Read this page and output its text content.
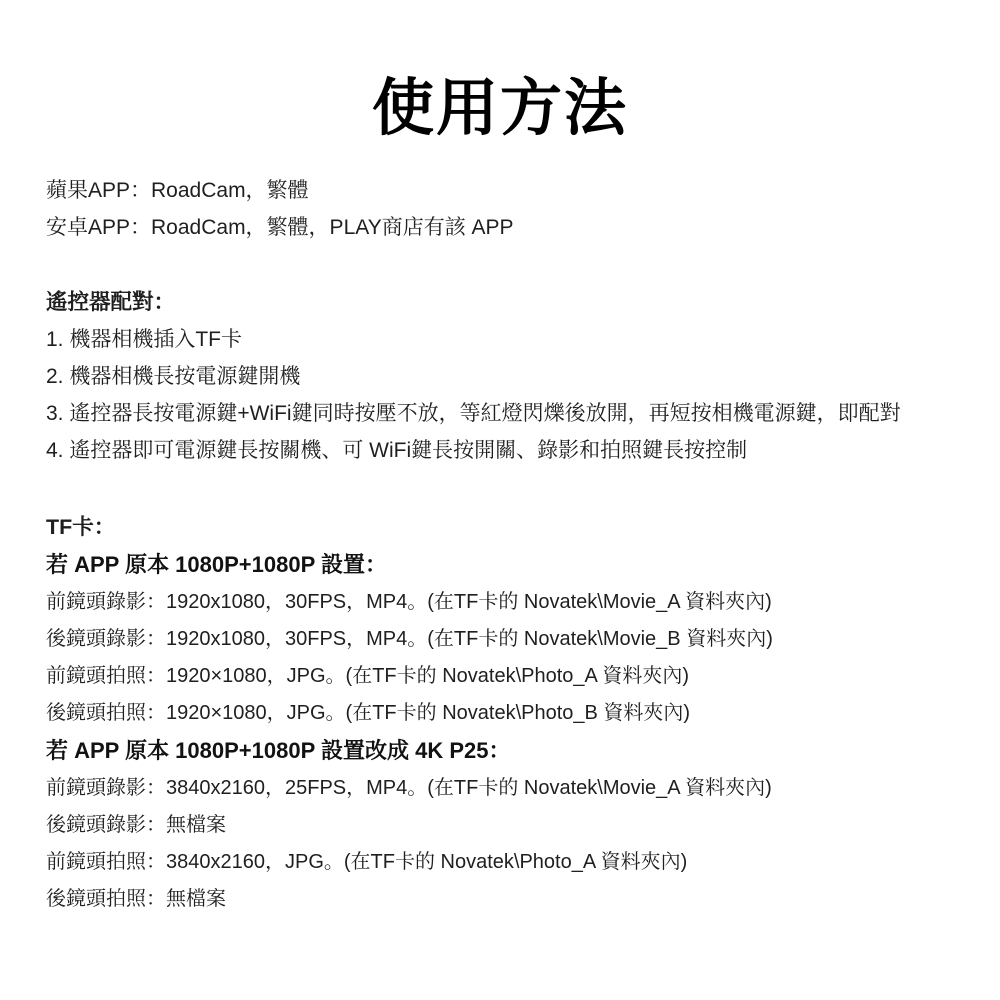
使用方法
蘋果APP：RoadCam，繁體
安卓APP：RoadCam，繁體，PLAY商店有該 APP
遙控器配對：
1. 機器相機插入TF卡
2. 機器相機長按電源鍵開機
3. 遙控器長按電源鍵+WiFi鍵同時按壓不放，等紅燈閃爍後放開，再短按相機電源鍵，即配對
4. 遙控器即可電源鍵長按關機、可 WiFi鍵長按開關、錄影和拍照鍵長按控制
TF卡：
若 APP 原本 1080P+1080P 設置：
前鏡頭錄影：1920x1080，30FPS，MP4。(在TF卡的 Novatek\Movie_A 資料夾內)
後鏡頭錄影：1920x1080，30FPS，MP4。(在TF卡的 Novatek\Movie_B 資料夾內)
前鏡頭拍照：1920×1080，JPG。(在TF卡的 Novatek\Photo_A 資料夾內)
後鏡頭拍照：1920×1080，JPG。(在TF卡的 Novatek\Photo_B 資料夾內)
若 APP 原本 1080P+1080P 設置改成 4K P25：
前鏡頭錄影：3840x2160，25FPS，MP4。(在TF卡的 Novatek\Movie_A 資料夾內)
後鏡頭錄影：無檔案
前鏡頭拍照：3840x2160，JPG。(在TF卡的 Novatek\Photo_A 資料夾內)
後鏡頭拍照：無檔案
